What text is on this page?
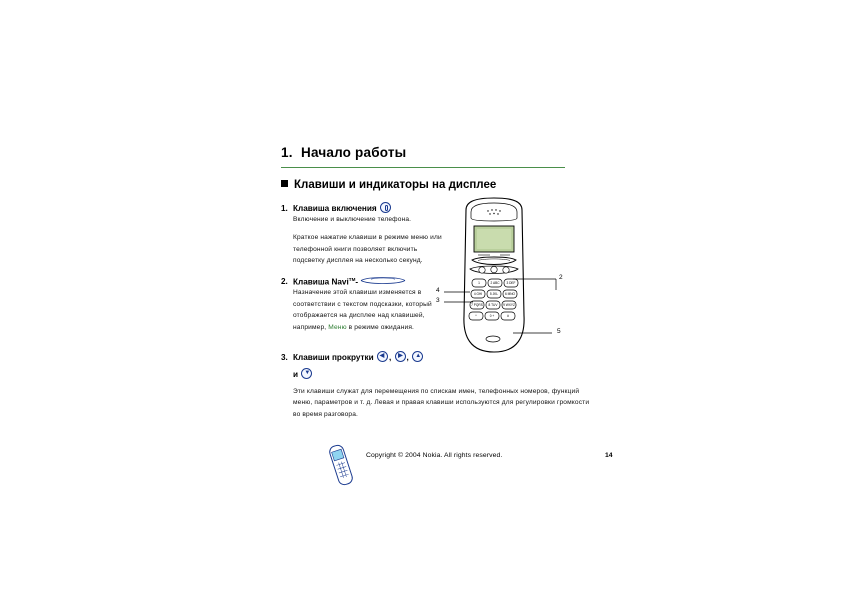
1. Начало работы
Клавиши и индикаторы на дисплее
1. Клавиша включения

Включение и выключение телефона.

Краткое нажатие клавиши в режиме меню или телефонной книги позволяет включить подсветку дисплея на несколько секунд.

2. Клавиша Navi™-

Назначение этой клавиши изменяется в соответствии с текстом подсказки, который отображается на дисплее над клавишей, например, Меню в режиме ожидания.

3. Клавиши прокрутки ◀ , ▶ , ▲
и ▼

Эти клавиши служат для перемещения по спискам имен, телефонных номеров, функций меню, параметров и т. д. Левая и правая клавиши используются для регулировки громкости во время разговора.

1	2 ABC 3 DEF
4 GHI 5 JKL 6 MNO
7 PQRS 8 TUV 9 WXYZ
*	0 +	#
2
3
4
5
Copyright © 2004 Nokia. All rights reserved.	14
